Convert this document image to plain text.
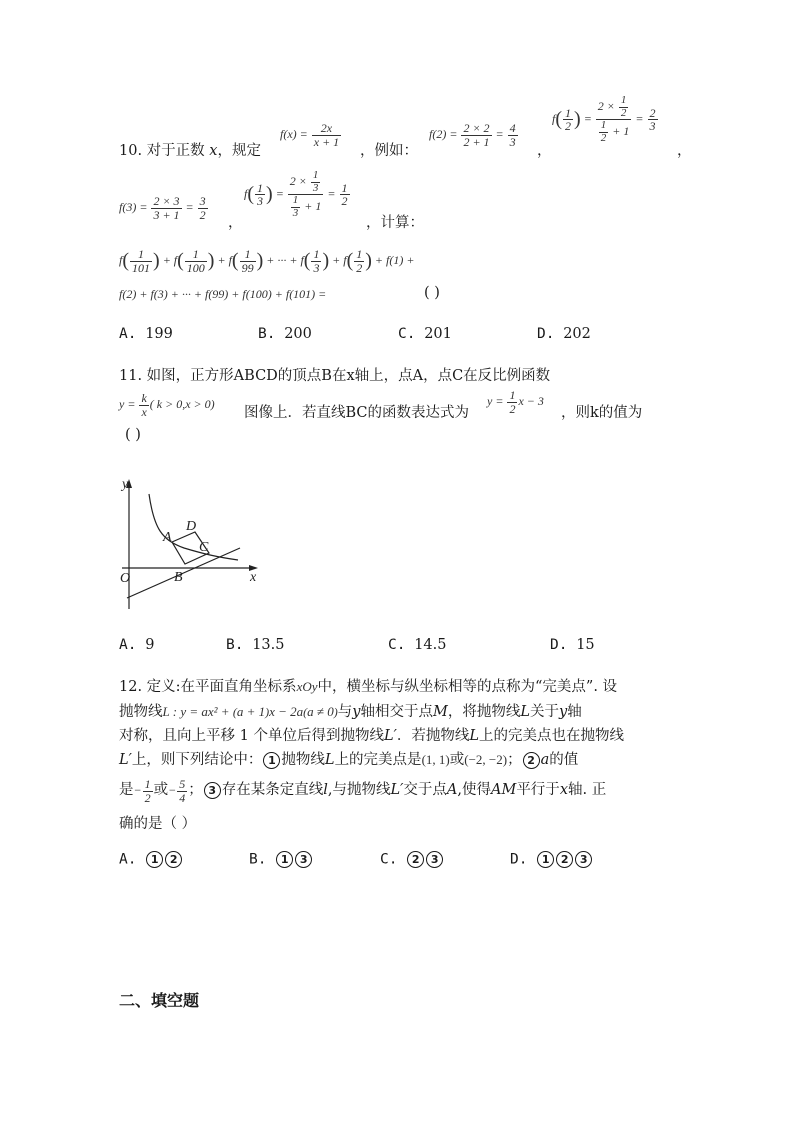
10. 对于正数 x，规定
$f(x) = \frac{2x}{x + 1}$
，例如：
$f(2) = \frac{2 \times 2}{2 + 1} = \frac{4}{3}$
，
$f( \frac{1}{2}$ ) = $\frac{2 \times \frac{1}{2}}{\frac{1}{2} + 1} = \frac{2}{3}$
，
$f(3) = \frac{2 \times 3}{3 + 1} = \frac{3}{2}$
，
$f( \frac{1}{3}$ ) = $\frac{2 \times \frac{1}{3}}{\frac{1}{3} + 1} = \frac{1}{2}$
，计算：
$f( \frac{1}{101}$ ) + $f( \frac{1}{100}$ ) + $f( \frac{1}{99}$ ) + ··· + $f( \frac{1}{3}$ ) + $f( \frac{1}{2}$ ) + f(1) +
f(2) + f(3) + ··· + f(99) + f(100) + f(101) =	( )
A. 199	B. 200	C. 201	D. 202
11. 如图，正方形ABCD的顶点B在x轴上，点A，点C在反比例函数
$y = \frac{k}{x}$ ( k > 0,x > 0)
图像上．若直线BC的函数表达式为
$y = \frac{1}{2}$ x − 3
，则k的值为
( )
y
x
O
A
B
C
D
A. 9	B. 13.5	C. 14.5	D. 15
12. 定义:在平面直角坐标系xOy中，横坐标与纵坐标相等的点称为“完美点”. 设
抛物线L : y = ax² + (a + 1)x − 2a(a ≠ 0)与y轴相交于点M，将抛物线L关于y轴
对称，且向上平移 1 个单位后得到抛物线L′．若抛物线L上的完美点也在抛物线
L′上，则下列结论中： 1 抛物线L上的完美点是(1, 1)或(−2, −2)； 2 a的值
是− $\frac{1}{2}$ 或− $\frac{5}{4}$ ； 3 存在某条定直线l,与抛物线L′交于点A,使得AM平行于x轴. 正
确的是（ ）
A. 1 2	B. 1 3	C. 2 3	D. 1 2 3
二、填空题
